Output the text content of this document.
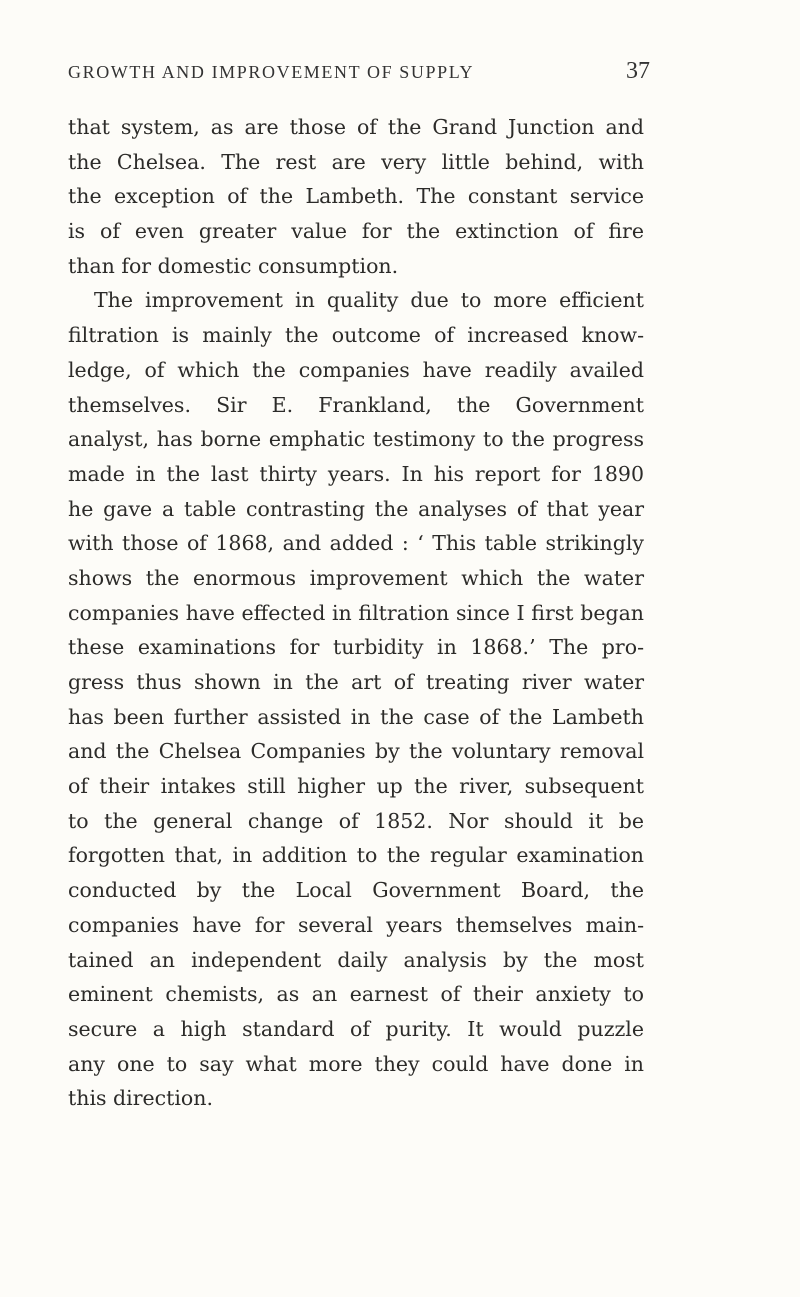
GROWTH AND IMPROVEMENT OF SUPPLY	37
that system, as are those of the Grand Junction and
the Chelsea. The rest are very little behind, with
the exception of the Lambeth. The constant service
is of even greater value for the extinction of fire
than for domestic consumption.
The improvement in quality due to more efficient
filtration is mainly the outcome of increased know-
ledge, of which the companies have readily availed
themselves. Sir E. Frankland, the Government
analyst, has borne emphatic testimony to the progress
made in the last thirty years. In his report for 1890
he gave a table contrasting the analyses of that year
with those of 1868, and added : ‘ This table strikingly
shows the enormous improvement which the water
companies have effected in filtration since I first began
these examinations for turbidity in 1868.’ The pro-
gress thus shown in the art of treating river water
has been further assisted in the case of the Lambeth
and the Chelsea Companies by the voluntary removal
of their intakes still higher up the river, subsequent
to the general change of 1852. Nor should it be
forgotten that, in addition to the regular examination
conducted by the Local Government Board, the
companies have for several years themselves main-
tained an independent daily analysis by the most
eminent chemists, as an earnest of their anxiety to
secure a high standard of purity. It would puzzle
any one to say what more they could have done in
this direction.
